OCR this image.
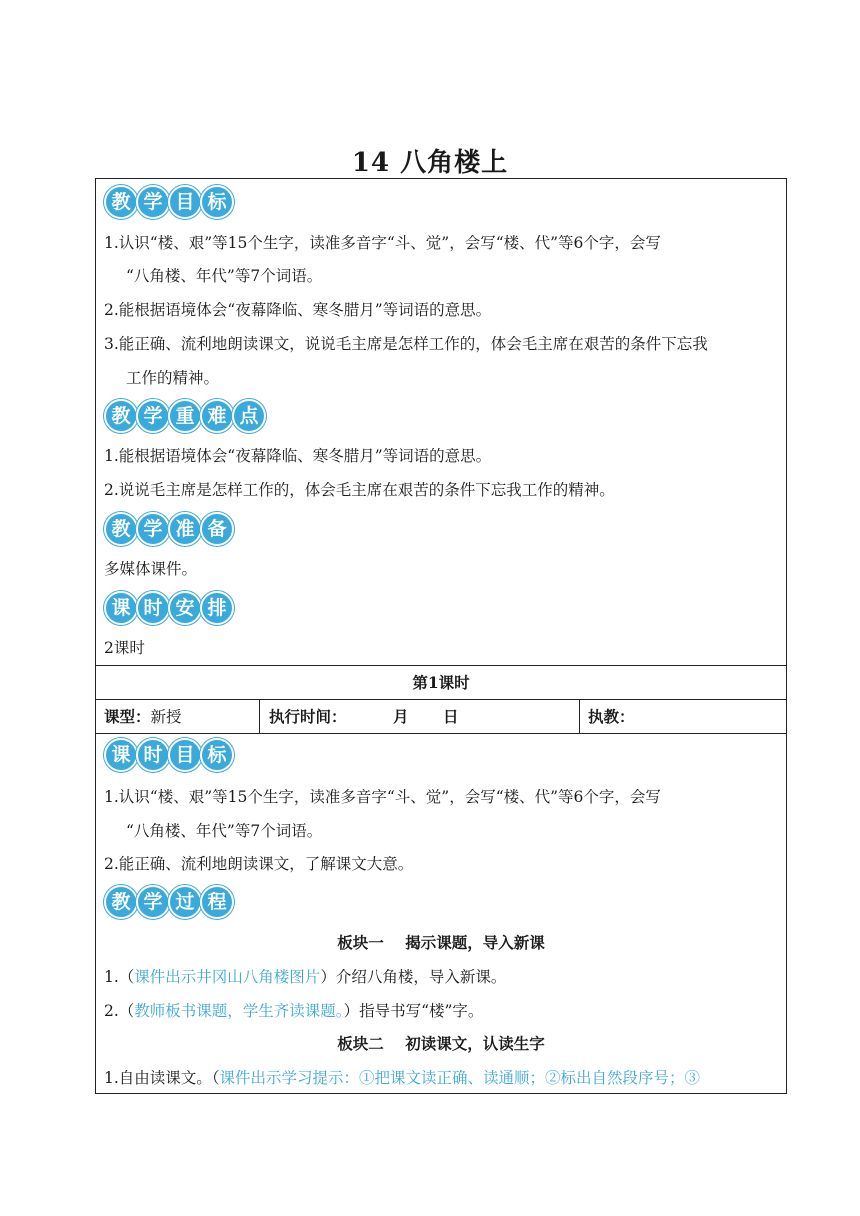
14 八角楼上
教 学 目 标
1.认识“楼、艰”等15个生字，读准多音字“斗、觉”，会写“楼、代”等6个字，会写
“八角楼、年代”等7个词语。
2.能根据语境体会“夜幕降临、寒冬腊月”等词语的意思。
3.能正确、流利地朗读课文，说说毛主席是怎样工作的，体会毛主席在艰苦的条件下忘我
工作的精神。
教 学 重 难 点
1.能根据语境体会“夜幕降临、寒冬腊月”等词语的意思。
2.说说毛主席是怎样工作的，体会毛主席在艰苦的条件下忘我工作的精神。
教 学 准 备
多媒体课件。
课 时 安 排
2课时
第1课时
课型：新授	执行时间：	月 日	执教：
课 时 目 标
1.认识“楼、艰”等15个生字，读准多音字“斗、觉”，会写“楼、代”等6个字，会写
“八角楼、年代”等7个词语。
2.能正确、流利地朗读课文，了解课文大意。
教 学 过 程
板块一    揭示课题，导入新课
1.（课件出示井冈山八角楼图片）介绍八角楼，导入新课。
2.（教师板书课题，学生齐读课题。）指导书写“楼”字。
板块二    初读课文，认读生字
1.自由读课文。（课件出示学习提示：①把课文读正确、读通顺；②标出自然段序号；③
